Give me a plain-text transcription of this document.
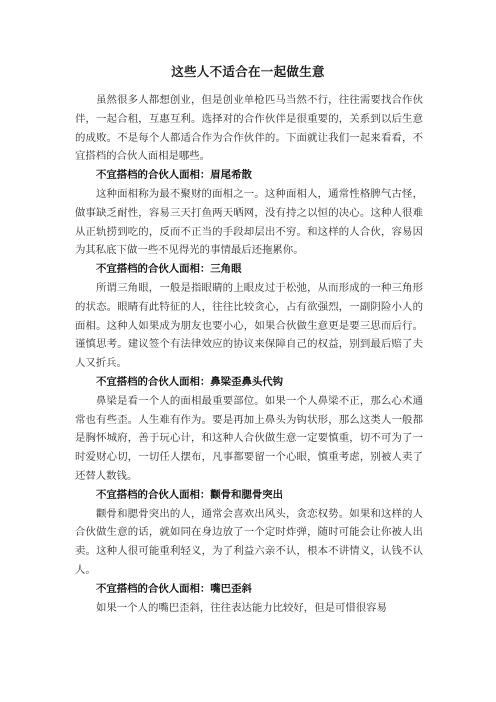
这些人不适合在一起做生意

虽然很多人都想创业，但是创业单枪匹马当然不行，往往需要找合作伙伴，一起合租，互惠互利。选择对的合作伙伴是很重要的，关系到以后生意的成败。不是每个人都适合作为合作伙伴的。下面就让我们一起来看看，不宜搭档的合伙人面相是哪些。

不宜搭档的合伙人面相：眉尾希散

这种面相称为最不聚财的面相之一。这种面相人，通常性格脾气古怪，做事缺乏耐性，容易三天打鱼两天晒网，没有持之以恒的决心。这种人很难从正轨捞到吃的，反而不正当的手段却层出不穷。和这样的人合伙，容易因为其私底下做一些不见得光的事情最后还拖累你。

不宜搭档的合伙人面相：三角眼

所谓三角眼，一般是指眼睛的上眼皮过于松弛，从而形成的一种三角形的状态。眼睛有此特征的人，往往比较贪心，占有欲强烈，一副阴险小人的面相。这种人如果成为朋友也要小心，如果合伙做生意更是要三思而后行。谨慎思考。建议签个有法律效应的协议来保障自己的权益，别到最后赔了夫人又折兵。

不宜搭档的合伙人面相：鼻梁歪鼻头代钩

鼻梁是看一个人的面相最重要部位。如果一个人鼻梁不正，那么心术通常也有些歪。人生难有作为。要是再加上鼻头为钩状形，那么这类人一般都是胸怀城府，善于玩心计，和这种人合伙做生意一定要慎重，切不可为了一时爱财心切，一切任人摆布，凡事都要留一个心眼，慎重考虑，别被人卖了还替人数钱。

不宜搭档的合伙人面相：颧骨和腮骨突出

颧骨和腮骨突出的人，通常会喜欢出风头，贪恋权势。如果和这样的人合伙做生意的话，就如同在身边放了一个定时炸弹，随时可能会让你被人出卖。这种人很可能重利轻义，为了利益六亲不认，根本不讲情义，认钱不认人。

不宜搭档的合伙人面相：嘴巴歪斜

如果一个人的嘴巴歪斜，往往表达能力比较好，但是可惜很容易
